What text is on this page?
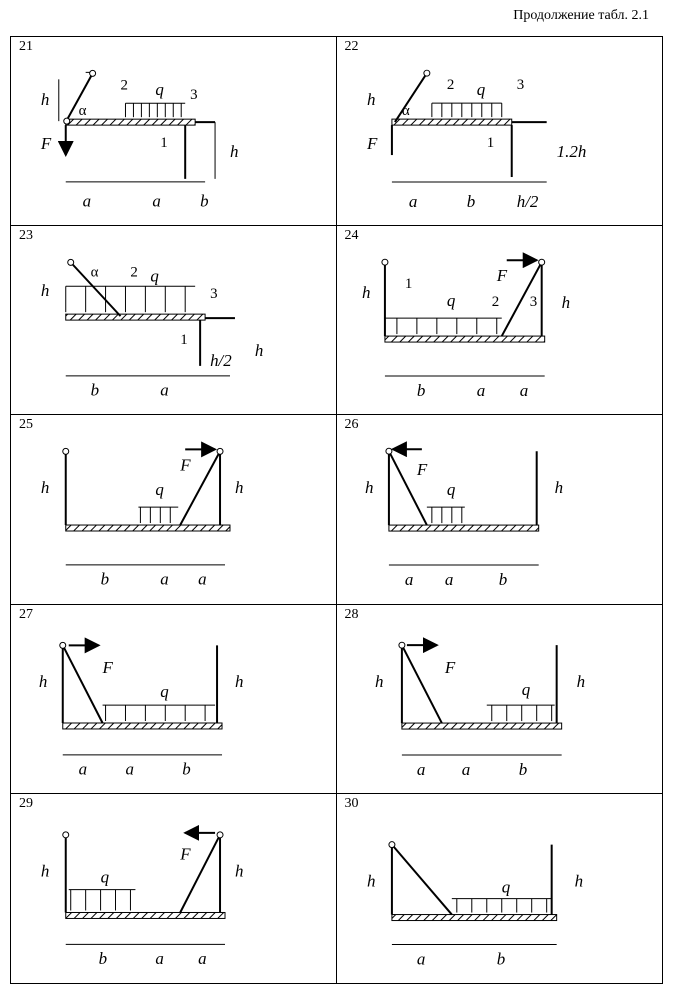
Продолжение табл. 2.1
21
h
F
q
a	a b
h
2
1
3
α
22
h
F
q
a	b h/2
1.2h
2
1
3
α
23
h
q
b	a
h/2
h
2
1
3
α
24
h
h
q
F
b	a a
1
2 3
25
h	h
q
F
b	a a
26
h	h
q
F
a a	b
27
h	h
q
F
a a	b
28
h	h
q
F
a a	b
29
h	h
q
F
b	a a
30
h	h
q
a	b
